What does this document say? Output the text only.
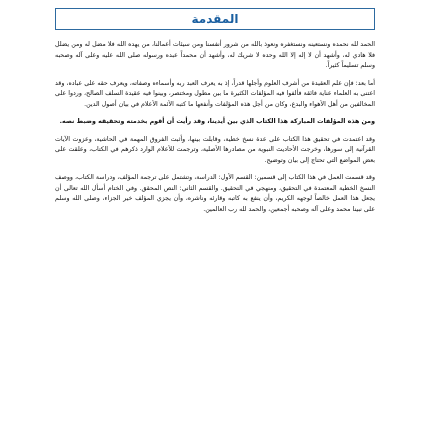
المقدمة

الحمد لله نحمده ونستعينه ونستغفره ونعوذ بالله من شرور أنفسنا ومن سيئات أعمالنا، من يهده الله فلا مضل له ومن يضلل فلا هادي له، وأشهد أن لا إله إلا الله وحده لا شريك له، وأشهد أن محمداً عبده ورسوله صلى الله عليه وعلى آله وصحبه وسلم تسليماً كثيراً.

أما بعد: فإن علم العقيدة من أشرف العلوم وأجلها قدراً، إذ به يعرف العبد ربه وأسماءه وصفاته، ويعرف حقه على عباده، وقد اعتنى به العلماء عناية فائقة فألفوا فيه المؤلفات الكثيرة ما بين مطول ومختصر، وبينوا فيه عقيدة السلف الصالح، وردوا على المخالفين من أهل الأهواء والبدع، وكان من أجل هذه المؤلفات وأنفعها ما كتبه الأئمة الأعلام في بيان أصول الدين.

ومن هذه المؤلفات المباركة هذا الكتاب الذي بين أيدينا، وقد رأيت أن أقوم بخدمته وتحقيقه وضبط نصه.

وقد اعتمدت في تحقيق هذا الكتاب على عدة نسخ خطية، وقابلت بينها، وأثبت الفروق المهمة في الحاشية، وعزوت الآيات القرآنية إلى سورها، وخرجت الأحاديث النبوية من مصادرها الأصلية، وترجمت للأعلام الوارد ذكرهم في الكتاب، وعلقت على بعض المواضع التي تحتاج إلى بيان وتوضيح.

وقد قسمت العمل في هذا الكتاب إلى قسمين: القسم الأول: الدراسة، وتشتمل على ترجمة المؤلف، ودراسة الكتاب، ووصف النسخ الخطية المعتمدة في التحقيق، ومنهجي في التحقيق. والقسم الثاني: النص المحقق. وفي الختام أسأل الله تعالى أن يجعل هذا العمل خالصاً لوجهه الكريم، وأن ينفع به كاتبه وقارئه وناشره، وأن يجزي المؤلف خير الجزاء، وصلى الله وسلم على نبينا محمد وعلى آله وصحبه أجمعين، والحمد لله رب العالمين.
